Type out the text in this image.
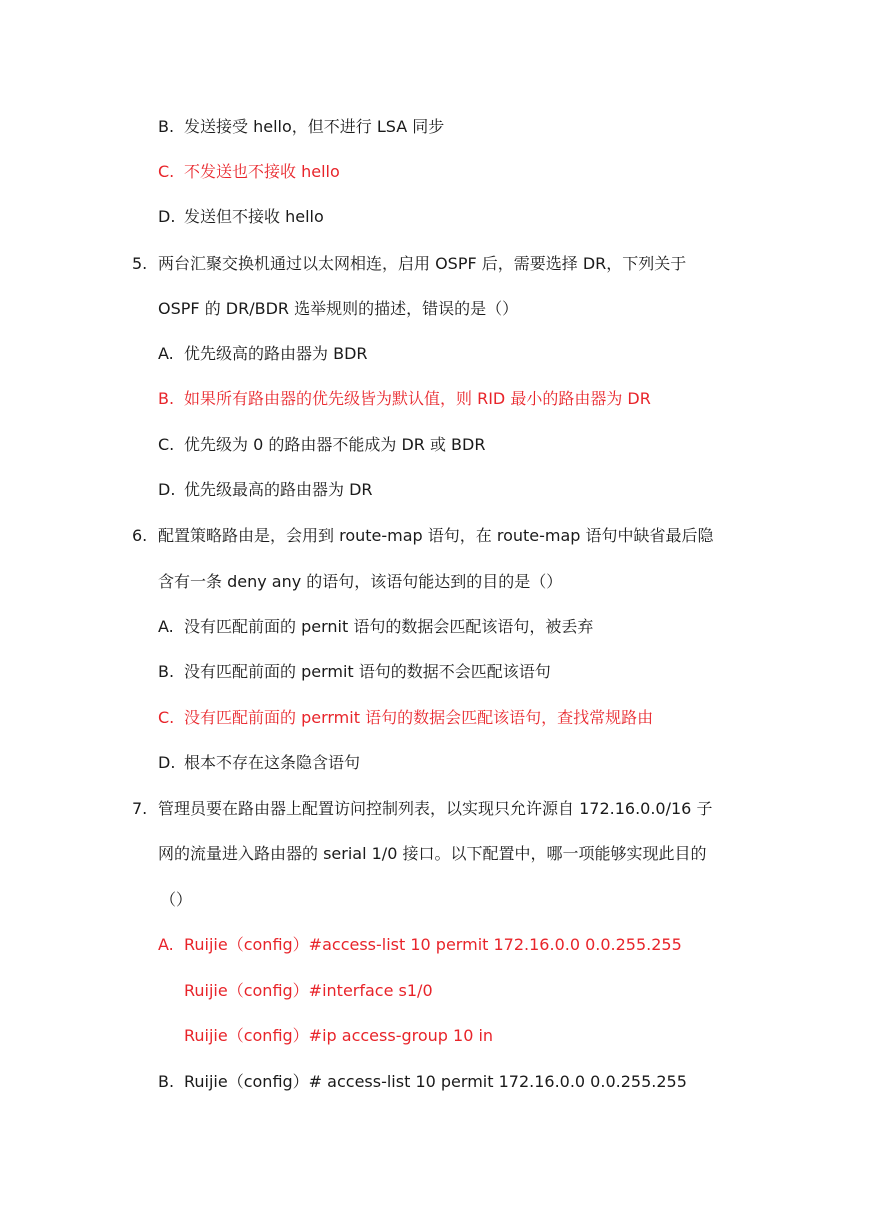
B. 发送接受 hello，但不进行 LSA 同步
C. 不发送也不接收 hello
D. 发送但不接收 hello
5. 两台汇聚交换机通过以太网相连，启用 OSPF 后，需要选择 DR，下列关于
OSPF 的 DR/BDR 选举规则的描述，错误的是（）
A. 优先级高的路由器为 BDR
B. 如果所有路由器的优先级皆为默认值，则 RID 最小的路由器为 DR
C. 优先级为 0 的路由器不能成为 DR 或 BDR
D. 优先级最高的路由器为 DR
6. 配置策略路由是，会用到 route-map 语句，在 route-map 语句中缺省最后隐
含有一条 deny any 的语句，该语句能达到的目的是（）
A. 没有匹配前面的 pernit 语句的数据会匹配该语句，被丢弃
B. 没有匹配前面的 permit 语句的数据不会匹配该语句
C. 没有匹配前面的 perrmit 语句的数据会匹配该语句，查找常规路由
D. 根本不存在这条隐含语句
7. 管理员要在路由器上配置访问控制列表，以实现只允许源自 172.16.0.0/16 子
网的流量进入路由器的 serial 1/0 接口。以下配置中，哪一项能够实现此目的
（）
A. Ruijie（config）#access-list 10 permit 172.16.0.0 0.0.255.255
Ruijie（config）#interface s1/0
Ruijie（config）#ip access-group 10 in
B. Ruijie（config）# access-list 10 permit 172.16.0.0 0.0.255.255
